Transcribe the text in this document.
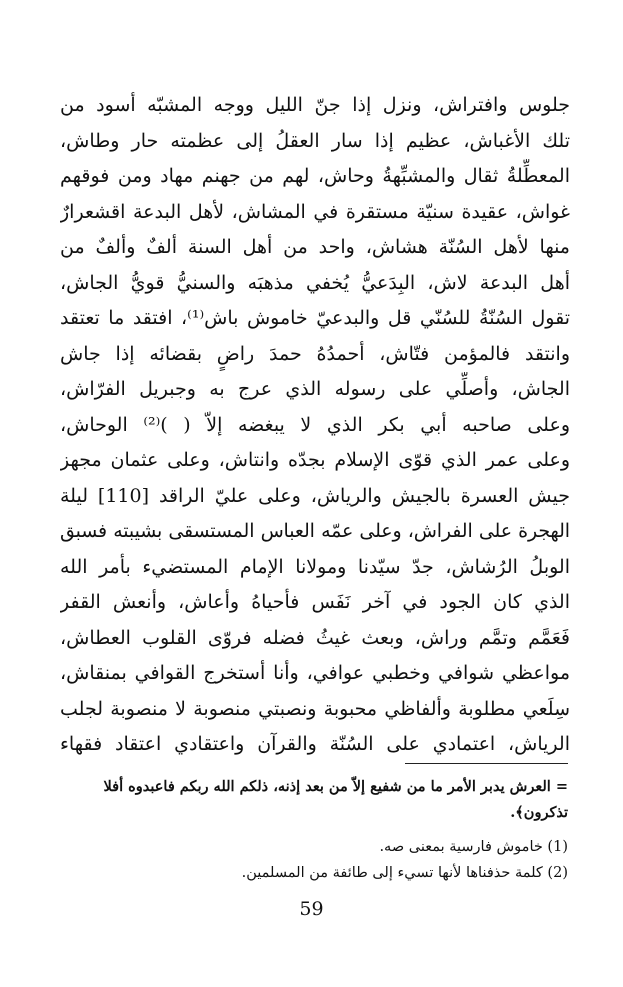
جلوس وافتراش، ونزل إذا جنّ الليل ووجه المشبّه أسود من
تلك الأغباش، عظيم إذا سار العقلُ إلى عظمته حار وطاش،
المعطِّلةُ ثقال والمشبِّهةُ وحاش، لهم من جهنم مهاد ومن فوقهم
غواش، عقيدة سنيّة مستقرة في المشاش، لأهل البدعة اقشعرارٌ
منها لأهل السُنّة هشاش، واحد من أهل السنة ألفٌ وألفٌ من
أهل البدعة لاش، البِدَعيُّ يُخفي مذهبَه والسنيُّ قويُّ الجاش،
تقول السُنّةُ للسُنّي قل والبدعيّ خاموش باش⁽¹⁾، افتقد ما تعتقد
وانتقد فالمؤمن فتّاش، أحمدُهُ حمدَ راضٍ بقضائه إذا جاش
الجاش، وأصلِّي على رسوله الذي عرج به وجبريل الفرّاش،
وعلى صاحبه أبي بكر الذي لا يبغضه إلاّ ( )⁽²⁾ الوحاش،
وعلى عمر الذي قوّى الإسلام بجدّه وانتاش، وعلى عثمان مجهز
جيش العسرة بالجيش والرياش، وعلى عليّ الراقد [110] ليلة
الهجرة على الفراش، وعلى عمّه العباس المستسقى بشيبته فسبق
الوبلُ الرُشاش، جدّ سيّدنا ومولانا الإمام المستضيء بأمر الله
الذي كان الجود في آخر نَفَس فأحياهُ وأعاش، وأنعش القفر
فَعَمَّم وتمَّم وراش، وبعث غيثُ فضله فروّى القلوب العطاش،
مواعظي شوافي وخطبي عوافي، وأنا أستخرج القوافي بمنقاش،
سِلَعي مطلوبة وألفاظي محبوبة ونصبتي منصوبة لا منصوبة لجلب
الرياش، اعتمادي على السُنّة والقرآن واعتقادي اعتقاد فقهاء
= العرش يدبر الأمر ما من شفيع إلاّ من بعد إذنه، ذلكم الله ربكم فاعبدوه أفلا
تذكرون﴾.
(1) خاموش فارسية بمعنى صه.
(2) كلمة حذفناها لأنها تسيء إلى طائفة من المسلمين.
59
